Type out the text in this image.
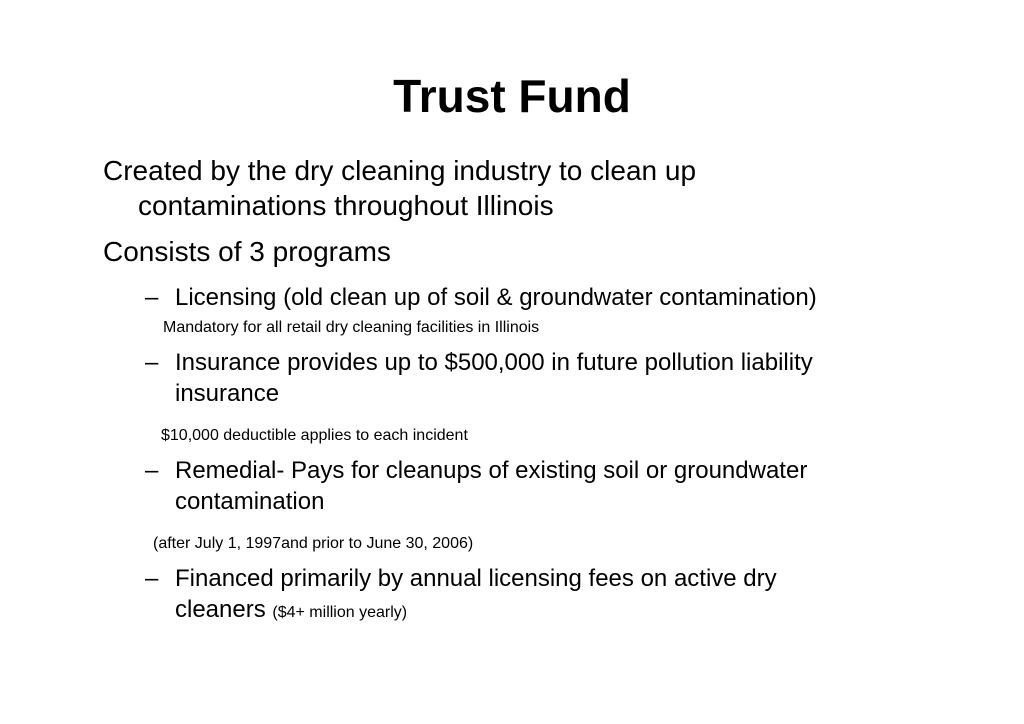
Trust Fund
Created by the dry cleaning industry to clean up
contaminations throughout Illinois
Consists of 3 programs
– Licensing (old clean up of soil & groundwater contamination)
Mandatory for all retail dry cleaning facilities in Illinois
– Insurance provides up to $500,000 in future pollution liability
insurance
$10,000 deductible applies to each incident
– Remedial- Pays for cleanups of existing soil or groundwater
contamination
(after July 1, 1997and prior to June 30, 2006)
– Financed primarily by annual licensing fees on active dry
cleaners ($4+ million yearly)
